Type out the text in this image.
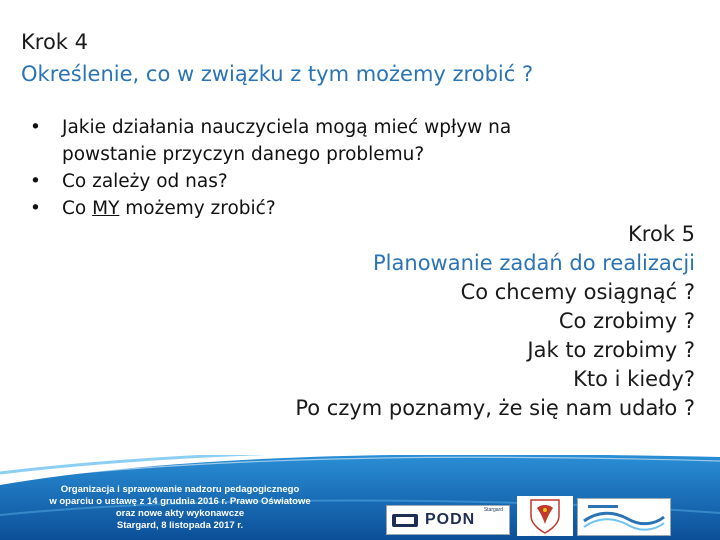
Krok 4
Określenie, co w związku z tym możemy zrobić ?
• Jakie działania nauczyciela mogą mieć wpływ na
powstanie przyczyn danego problemu?
• Co zależy od nas?
• Co MY możemy zrobić?
Krok 5
Planowanie zadań do realizacji
Co chcemy osiągnąć ?
Co zrobimy ?
Jak to zrobimy ?
Kto i kiedy?
Po czym poznamy, że się nam udało ?
Organizacja i sprawowanie nadzoru pedagogicznego
w oparciu o ustawę z 14 grudnia 2016 r. Prawo Oświatowe
oraz nowe akty wykonawcze
Stargard, 8 listopada 2017 r.	PODN
Stargard
